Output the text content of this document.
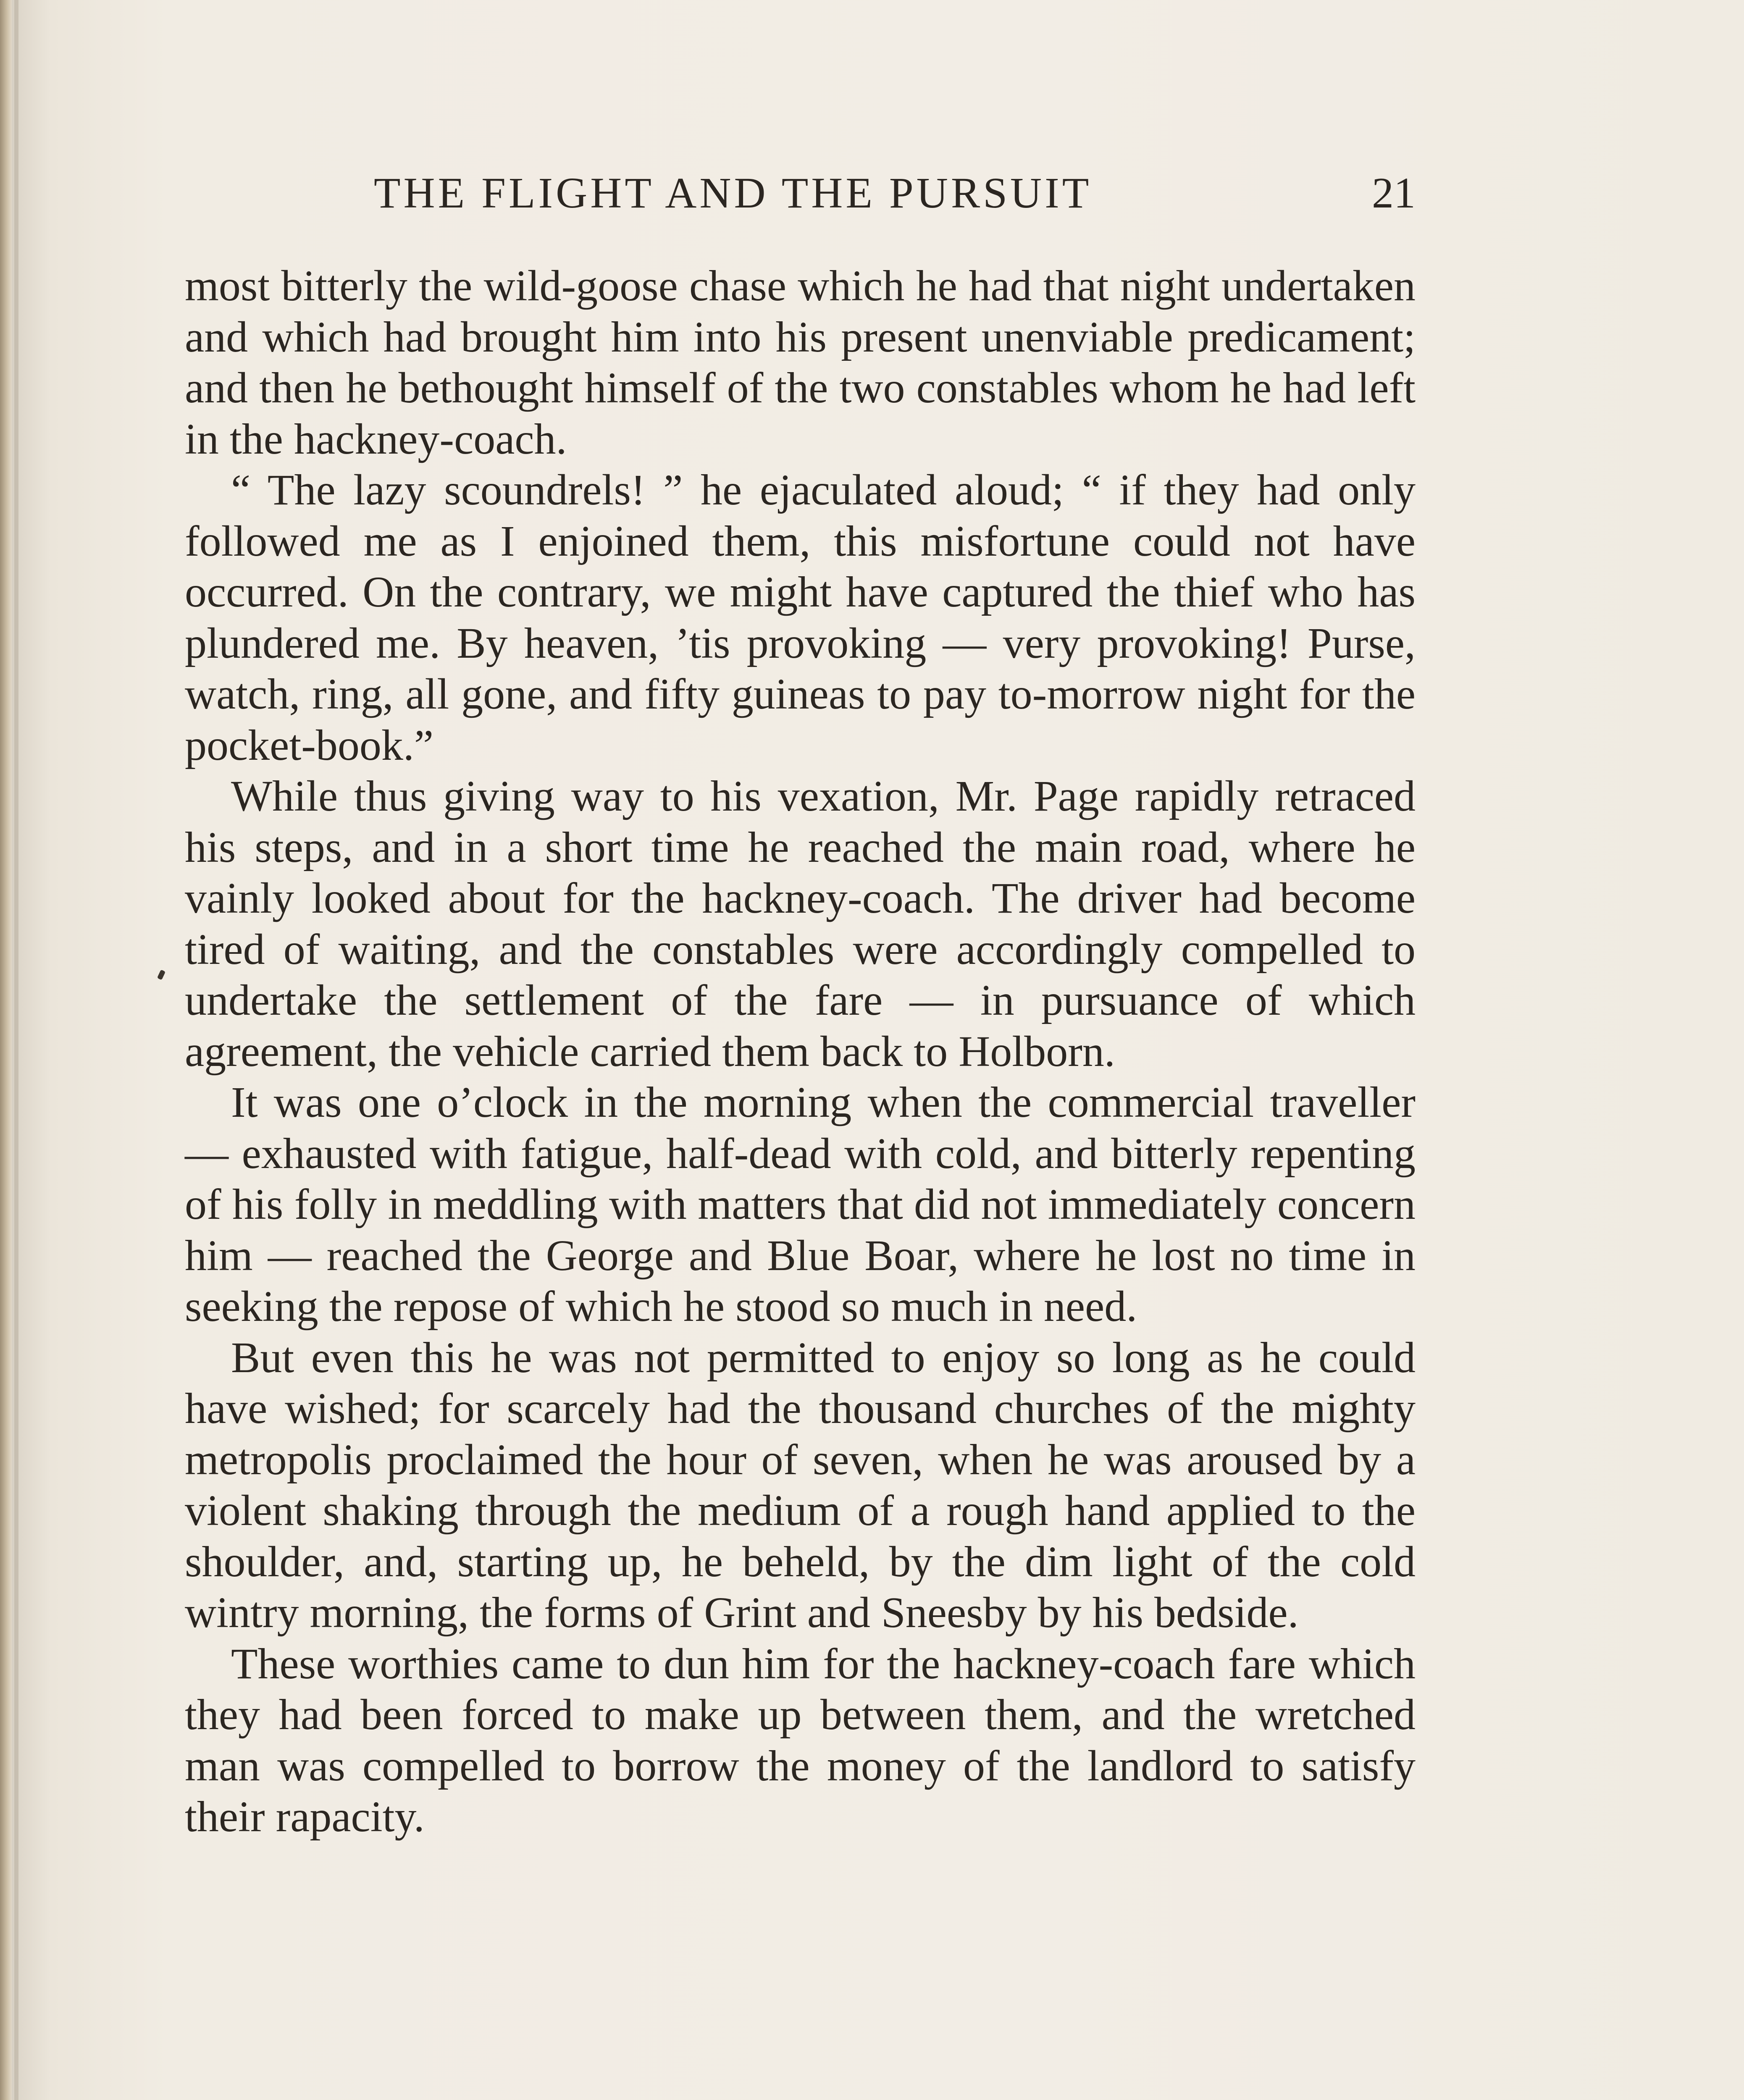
THE FLIGHT AND THE PURSUIT	21

most bitterly the wild-goose chase which he had that night undertaken and which had brought him into his present unenviable predicament; and then he bethought himself of the two constables whom he had left in the hackney-coach.

“ The lazy scoundrels! ” he ejaculated aloud; “ if they had only followed me as I enjoined them, this misfortune could not have occurred. On the contrary, we might have captured the thief who has plundered me. By heaven, ’tis provoking — very provoking! Purse, watch, ring, all gone, and fifty guineas to pay to-morrow night for the pocket-book.”

While thus giving way to his vexation, Mr. Page rapidly retraced his steps, and in a short time he reached the main road, where he vainly looked about for the hackney-coach. The driver had become tired of waiting, and the constables were accordingly compelled to undertake the settlement of the fare — in pursuance of which agreement, the vehicle carried them back to Holborn.

It was one o’clock in the morning when the commercial traveller — exhausted with fatigue, half-dead with cold, and bitterly repenting of his folly in meddling with matters that did not immediately concern him — reached the George and Blue Boar, where he lost no time in seeking the repose of which he stood so much in need.

But even this he was not permitted to enjoy so long as he could have wished; for scarcely had the thousand churches of the mighty metropolis proclaimed the hour of seven, when he was aroused by a violent shaking through the medium of a rough hand applied to the shoulder, and, starting up, he beheld, by the dim light of the cold wintry morning, the forms of Grint and Sneesby by his bedside.

These worthies came to dun him for the hackney-coach fare which they had been forced to make up between them, and the wretched man was compelled to borrow the money of the landlord to satisfy their rapacity.
